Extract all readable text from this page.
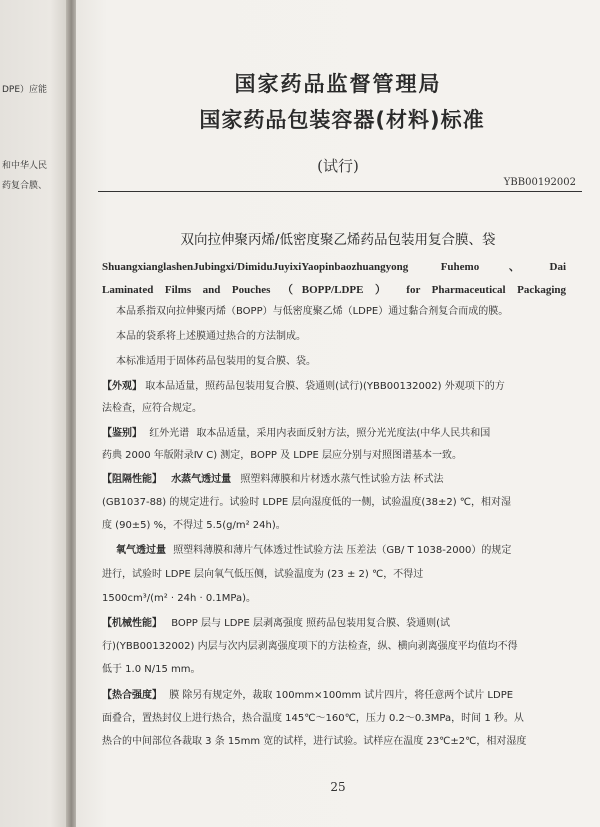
DPE）应能
和中华人民
药复合膜、
国家药品监督管理局
国家药品包装容器(材料)标准
(试行)
YBB00192002
双向拉伸聚丙烯/低密度聚乙烯药品包装用复合膜、袋
ShuangxianglashenJubingxi/DimiduJuyixiYaopinbaozhuangyong Fuhemo、Dai
Laminated Films and Pouches （BOPP/LDPE ） for Pharmaceutical Packaging
本品系指双向拉伸聚丙烯（BOPP）与低密度聚乙烯（LDPE）通过黏合剂复合而成的膜。
本品的袋系将上述膜通过热合的方法制成。
本标准适用于固体药品包装用的复合膜、袋。
【外观】 取本品适量，照药品包装用复合膜、袋通则(试行)(YBB00132002) 外观项下的方
法检查，应符合规定。
【鉴别】 红外光谱 取本品适量，采用内表面反射方法，照分光光度法(中华人民共和国
药典 2000 年版附录Ⅳ C) 测定，BOPP 及 LDPE 层应分别与对照图谱基本一致。
【阻隔性能】 水蒸气透过量 照塑料薄膜和片材透水蒸气性试验方法 杯式法
(GB1037-88) 的规定进行。试验时 LDPE 层向湿度低的一侧，试验温度(38±2) ℃，相对湿
度 (90±5) %，不得过 5.5(g/m² 24h)。
氧气透过量 照塑料薄膜和薄片气体透过性试验方法 压差法（GB/ T 1038-2000）的规定
进行，试验时 LDPE 层向氧气低压侧，试验温度为 (23 ± 2) ℃，不得过
1500cm³/(m² · 24h · 0.1MPa)。
【机械性能】 BOPP 层与 LDPE 层剥离强度 照药品包装用复合膜、袋通则(试
行)(YBB00132002) 内层与次内层剥离强度项下的方法检查，纵、横向剥离强度平均值均不得
低于 1.0 N/15 mm。
【热合强度】 膜 除另有规定外，裁取 100mm×100mm 试片四片，将任意两个试片 LDPE
面叠合，置热封仪上进行热合，热合温度 145℃～160℃，压力 0.2～0.3MPa，时间 1 秒。从
热合的中间部位各裁取 3 条 15mm 宽的试样，进行试验。试样应在温度 23℃±2℃，相对湿度
25
